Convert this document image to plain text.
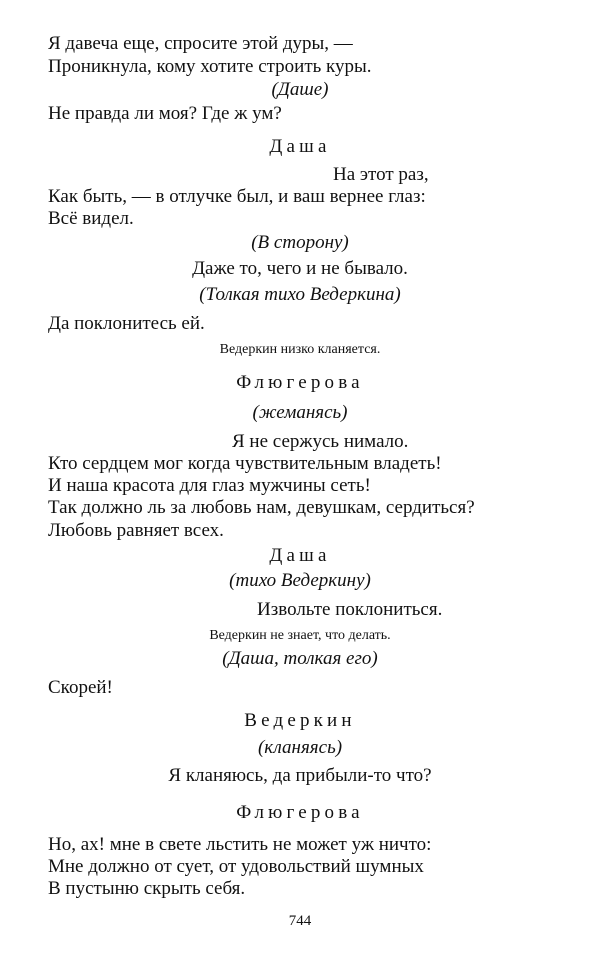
Я давеча еще, спросите этой дуры, —
Проникнула, кому хотите строить куры.
(Даше)
Не правда ли моя? Где ж ум?
Даша
На этот раз,
Как быть, — в отлучке был, и ваш вернее глаз:
Всё видел.
(В сторону)
Даже то, чего и не бывало.
(Толкая тихо Ведеркина)
Да поклонитесь ей.
Ведеркин низко кланяется.
Флюгерова
(жеманясь)
Я не сержусь нимало.
Кто сердцем мог когда чувствительным владеть!
И наша красота для глаз мужчины сеть!
Так должно ль за любовь нам, девушкам, сердиться?
Любовь равняет всех.
Даша
(тихо Ведеркину)
Извольте поклониться.
Ведеркин не знает, что делать.
(Даша, толкая его)
Скорей!
Ведеркин
(кланяясь)
Я кланяюсь, да прибыли-то что?
Флюгерова
Но, ах! мне в свете льстить не может уж ничто:
Мне должно от сует, от удовольствий шумных
В пустыню скрыть себя.
744
